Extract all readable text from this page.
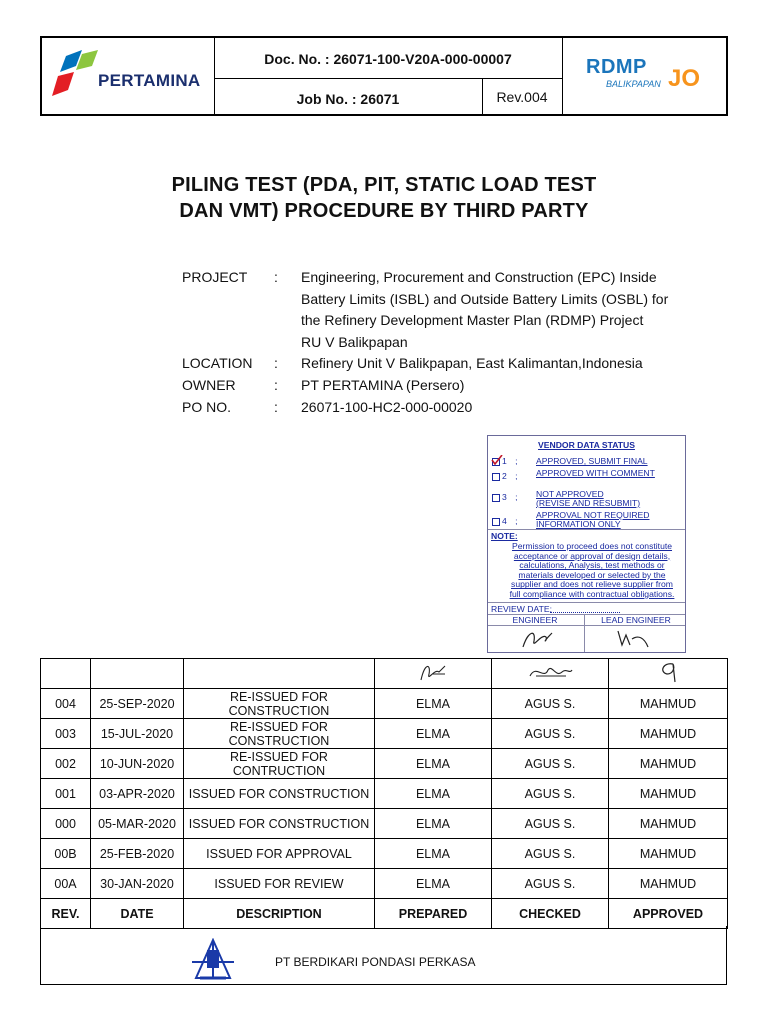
PERTAMINA
Doc. No. : 26071-100-V20A-000-00007
Job No. : 26071	Rev.004
RDMP
BALIKPAPAN JO
PILING TEST (PDA, PIT, STATIC LOAD TEST
DAN VMT) PROCEDURE BY THIRD PARTY
PROJECT	:	Engineering, Procurement and Construction (EPC) Inside
Battery Limits (ISBL) and Outside Battery Limits (OSBL) for
the Refinery Development Master Plan (RDMP) Project
RU V Balikpapan
LOCATION	:	Refinery Unit V Balikpapan, East Kalimantan,Indonesia
OWNER	:	PT PERTAMINA (Persero)
PO NO.	:	26071-100-HC2-000-00020
VENDOR DATA STATUS
1 ; APPROVED, SUBMIT FINAL
2 ; APPROVED WITH COMMENT
3 ; NOT APPROVED
(REVISE AND RESUBMIT)
4 ;
APPROVAL NOT REQUIRED
INFORMATION ONLY
NOTE:
Permission to proceed does not constitute
acceptance or approval of design details,
calculations, Analysis, test methods or
materials developed or selected by the
supplier and does not relieve supplier from
full compliance with contractual obligations.
REVIEW DATE:
ENGINEER	LEAD ENGINEER

004	25-SEP-2020	RE-ISSUED FOR
CONSTRUCTION	ELMA	AGUS S.	MAHMUD
003	15-JUL-2020	RE-ISSUED FOR
CONSTRUCTION	ELMA	AGUS S.	MAHMUD
002	10-JUN-2020	RE-ISSUED FOR
CONTRUCTION	ELMA	AGUS S.	MAHMUD
001	03-APR-2020	ISSUED FOR CONSTRUCTION	ELMA	AGUS S.	MAHMUD
000	05-MAR-2020	ISSUED FOR CONSTRUCTION	ELMA	AGUS S.	MAHMUD
00B	25-FEB-2020	ISSUED FOR APPROVAL	ELMA	AGUS S.	MAHMUD
00A	30-JAN-2020	ISSUED FOR REVIEW	ELMA	AGUS S.	MAHMUD
REV.	DATE	DESCRIPTION	PREPARED	CHECKED	APPROVED
PT BERDIKARI PONDASI PERKASA
